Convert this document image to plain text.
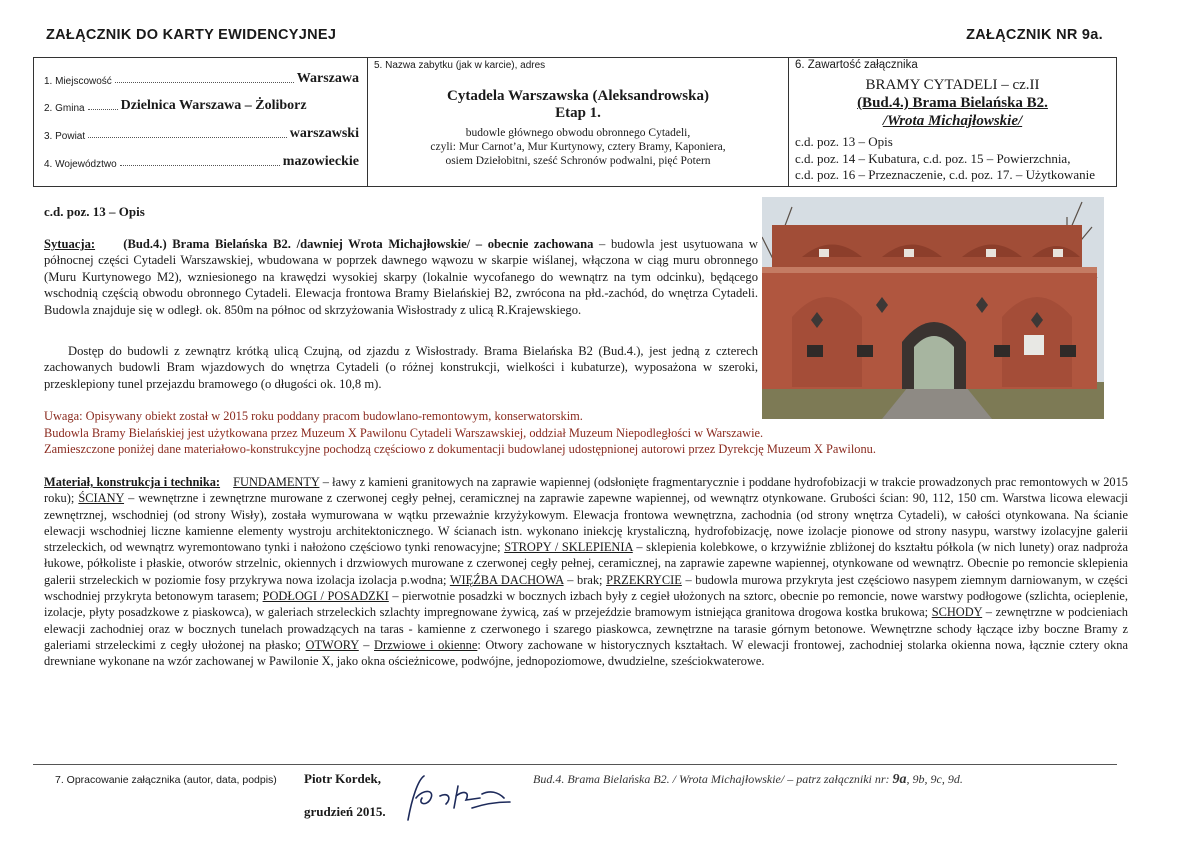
ZAŁĄCZNIK DO KARTY EWIDENCYJNEJ	ZAŁĄCZNIK NR 9a.
1. Miejscowość	Warszawa
2. Gmina	Dzielnica Warszawa – Żoliborz
3. Powiat	warszawski
4. Województwo	mazowieckie
5. Nazwa zabytku (jak w karcie), adres
Cytadela Warszawska (Aleksandrowska)
Etap 1.
budowle głównego obwodu obronnego Cytadeli,
czyli: Mur Carnot’a, Mur Kurtynowy, cztery Bramy, Kaponiera,
osiem Dziełobitni, sześć Schronów podwalni, pięć Potern
6. Zawartość załącznika
BRAMY CYTADELI – cz.II
(Bud.4.) Brama Bielańska B2.
/Wrota Michajłowskie/
c.d. poz. 13 – Opis
c.d. poz. 14 – Kubatura, c.d. poz. 15 – Powierzchnia,
c.d. poz. 16 – Przeznaczenie, c.d. poz. 17. – Użytkowanie
c.d. poz. 13 – Opis
Sytuacja: (Bud.4.) Brama Bielańska B2. /dawniej Wrota Michajłowskie/ – obecnie zachowana – budowla jest usytuowana w północnej części Cytadeli Warszawskiej, wbudowana w poprzek dawnego wąwozu w skarpie wiślanej, włączona w ciąg muru obronnego (Muru Kurtynowego M2), wzniesionego na krawędzi wysokiej skarpy (lokalnie wycofanego do wewnątrz na tym odcinku), będącego wschodnią częścią obwodu obronnego Cytadeli. Elewacja frontowa Bramy Bielańskiej B2, zwrócona na płd.-zachód, do wnętrza Cytadeli. Budowla znajduje się w odległ. ok. 850m na północ od skrzyżowania Wisłostrady z ulicą R.Krajewskiego.
Dostęp do budowli z zewnątrz krótką ulicą Czujną, od zjazdu z Wisłostrady. Brama Bielańska B2 (Bud.4.), jest jedną z czterech zachowanych budowli Bram wjazdowych do wnętrza Cytadeli (o różnej konstrukcji, wielkości i kubaturze), wyposażona w szeroki, przesklepiony tunel przejazdu bramowego (o długości ok. 10,8 m).
Uwaga: Opisywany obiekt został w 2015 roku poddany pracom budowlano-remontowym, konserwatorskim.
Budowla Bramy Bielańskiej jest użytkowana przez Muzeum X Pawilonu Cytadeli Warszawskiej, oddział Muzeum Niepodległości w Warszawie.
Zamieszczone poniżej dane materiałowo-konstrukcyjne pochodzą częściowo z dokumentacji budowlanej udostępnionej autorowi przez Dyrekcję Muzeum X Pawilonu.
Materiał, konstrukcja i technika: FUNDAMENTY – ławy z kamieni granitowych na zaprawie wapiennej (odsłonięte fragmentarycznie i poddane hydrofobizacji w trakcie prowadzonych prac remontowych w 2015 roku); ŚCIANY – wewnętrzne i zewnętrzne murowane z czerwonej cegły pełnej, ceramicznej na zaprawie zapewne wapiennej, od wewnątrz otynkowane. Grubości ścian: 90, 112, 150 cm. Warstwa licowa elewacji zewnętrznej, wschodniej (od strony Wisły), została wymurowana w wątku przeważnie krzyżykowym. Elewacja frontowa wewnętrzna, zachodnia (od strony wnętrza Cytadeli), w całości otynkowana. Na ścianie elewacji wschodniej liczne kamienne elementy wystroju architektonicznego. W ścianach istn. wykonano iniekcję krystaliczną, hydrofobizację, nowe izolacje pionowe od strony nasypu, warstwy izolacyjne galerii strzeleckich, od wewnątrz wyremontowano tynki i nałożono częściowo tynki renowacyjne; STROPY / SKLEPIENIA – sklepienia kolebkowe, o krzywiźnie zbliżonej do kształtu półkola (w nich lunety) oraz nadproża łukowe, półkoliste i płaskie, otworów strzelnic, okiennych i drzwiowych murowane z czerwonej cegły pełnej, ceramicznej, na zaprawie zapewne wapiennej, otynkowane od wewnątrz. Obecnie po remoncie sklepienia galerii strzeleckich w poziomie fosy przykrywa nowa izolacja izolacja p.wodna; WIĘŹBA DACHOWA – brak; PRZEKRYCIE – budowla murowa przykryta jest częściowo nasypem ziemnym darniowanym, w części wschodniej przykryta betonowym tarasem; PODŁOGI / POSADZKI – pierwotnie posadzki w bocznych izbach były z cegieł ułożonych na sztorc, obecnie po remoncie, nowe warstwy podłogowe (szlichta, ocieplenie, izolacje, płyty posadzkowe z piaskowca), w galeriach strzeleckich szlachty impregnowane żywicą, zaś w przejeździe bramowym istniejąca granitowa drogowa kostka brukowa; SCHODY – zewnętrzne w podcieniach elewacji zachodniej oraz w bocznych tunelach prowadzących na taras - kamienne z czerwonego i szarego piaskowca, zewnętrzne na tarasie górnym betonowe. Wewnętrzne schody łączące izby boczne Bramy z galeriami strzeleckimi z cegły ułożonej na płasko; OTWORY – Drzwiowe i okienne: Otwory zachowane w historycznych kształtach. W elewacji frontowej, zachodniej stolarka okienna nowa, łącznie cztery okna drewniane wykonane na wzór zachowanej w Pawilonie X, jako okna ościeżnicowe, podwójne, jednopoziomowe, dwudzielne, sześciokwaterowe.
7. Opracowanie załącznika (autor, data, podpis) Piotr Kordek,
grudzień 2015.
Bud.4. Brama Bielańska B2. / Wrota Michajłowskie/ – patrz załączniki nr: 9a, 9b, 9c, 9d.
